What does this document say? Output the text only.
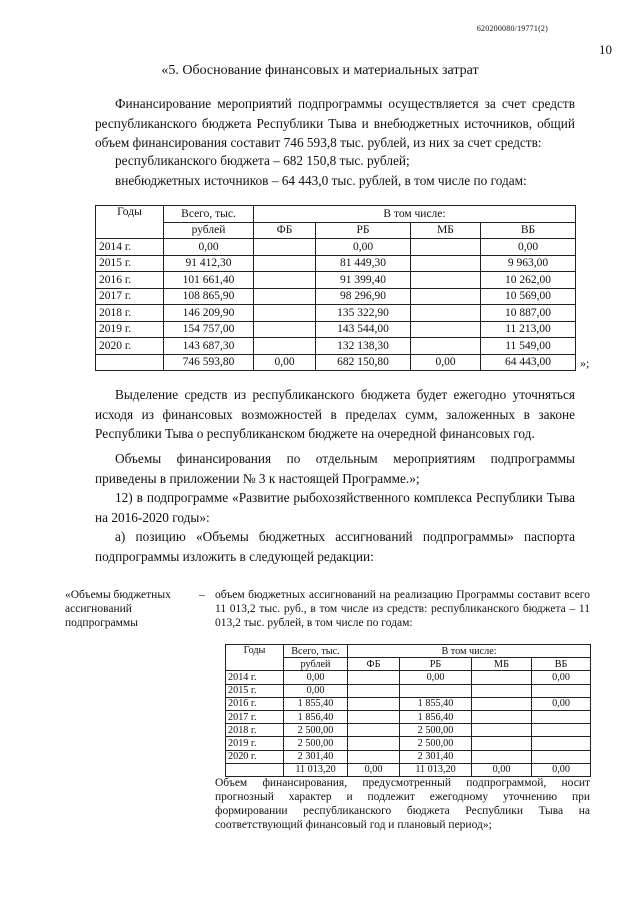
620200080/19771(2)
10
«5. Обоснование финансовых и материальных затрат
Финансирование мероприятий подпрограммы осуществляется за счет средств республиканского бюджета Республики Тыва и внебюджетных источников, общий объем финансирования составит 746 593,8 тыс. рублей, из них за счет средств:
республиканского бюджета – 682 150,8 тыс. рублей;
внебюджетных источников – 64 443,0 тыс. рублей, в том числе по годам:
Годы	Всего, тыс.	В том числе:			
	рублей	ФБ	РБ	МБ	ВБ
2014 г.	0,00		0,00		0,00
2015 г.	91 412,30		81 449,30		9 963,00
2016 г.	101 661,40		91 399,40		10 262,00
2017 г.	108 865,90		98 296,90		10 569,00
2018 г.	146 209,90		135 322,90		10 887,00
2019 г.	154 757,00		143 544,00		11 213,00
2020 г.	143 687,30		132 138,30		11 549,00
	746 593,80	0,00	682 150,80	0,00	64 443,00 »;
Выделение средств из республиканского бюджета будет ежегодно уточняться исходя из финансовых возможностей в пределах сумм, заложенных в законе Республики Тыва о республиканском бюджете на очередной финансовых год.
Объемы финансирования по отдельным мероприятиям подпрограммы приведены в приложении № 3 к настоящей Программе.»;
12) в подпрограмме «Развитие рыбохозяйственного комплекса Республики Тыва на 2016-2020 годы»:
а) позицию «Объемы бюджетных ассигнований подпрограммы» паспорта подпрограммы изложить в следующей редакции:
«Объемы бюджетных ассигнований подпрограммы
– объем бюджетных ассигнований на реализацию Программы составит всего 11 013,2 тыс. руб., в том числе из средств: республиканского бюджета – 11 013,2 тыс. рублей, в том числе по годам:
Годы	Всего, тыс.	В том числе:			
	рублей	ФБ	РБ	МБ	ВБ
2014 г.	0,00		0,00		0,00
2015 г.	0,00				
2016 г.	1 855,40		1 855,40		0,00
2017 г.	1 856,40		1 856,40		
2018 г.	2 500,00		2 500,00		
2019 г.	2 500,00		2 500,00		
2020 г.	2 301,40		2 301,40		
	11 013,20	0,00	11 013,20	0,00	0,00
Объем финансирования, предусмотренный подпрограммой, носит прогнозный характер и подлежит ежегодному уточнению при формировании республиканского бюджета Республики Тыва на соответствующий финансовый год и плановый период»;
